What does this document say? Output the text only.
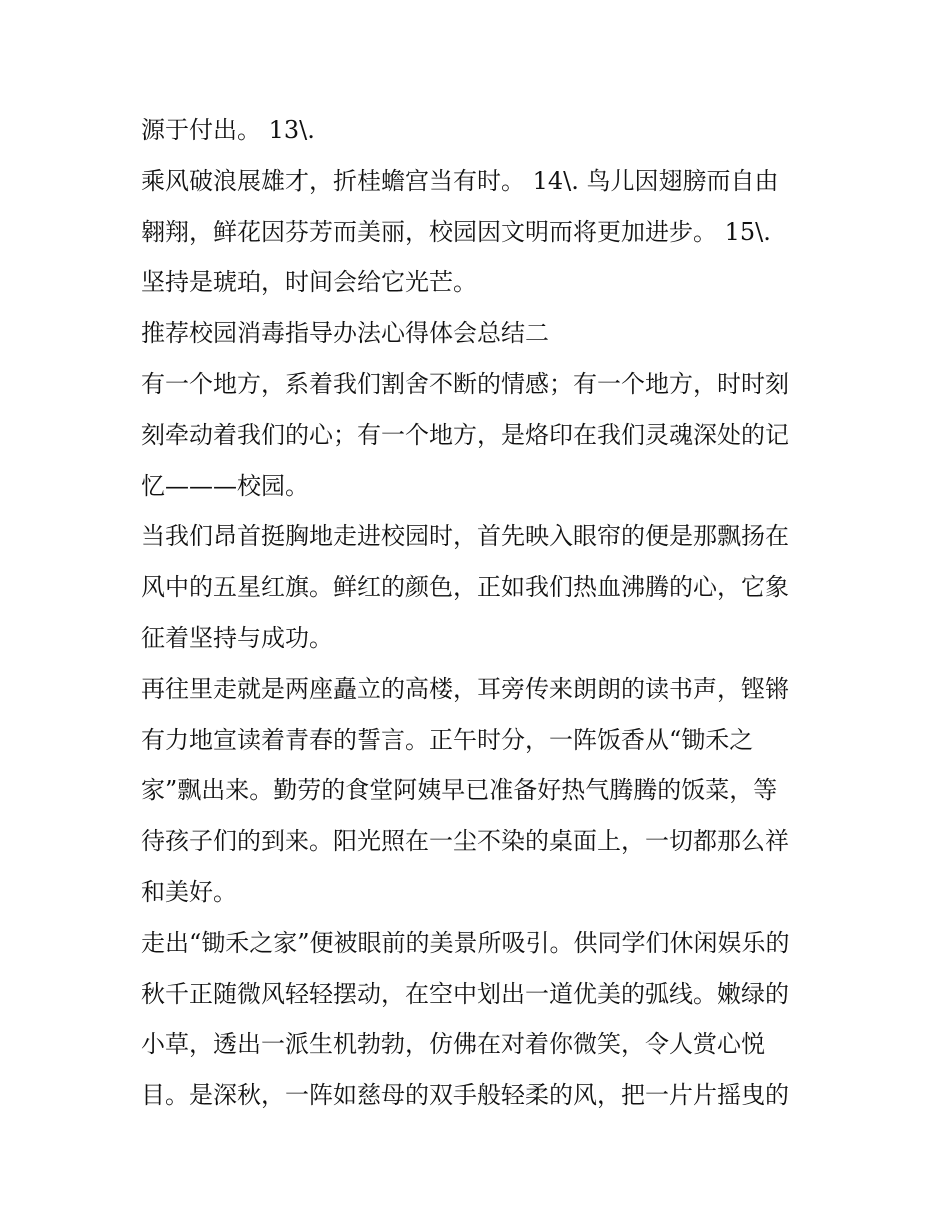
源于付出。 13\.
乘风破浪展雄才，折桂蟾宫当有时。 14\. 鸟儿因翅膀而自由
翱翔，鲜花因芬芳而美丽，校园因文明而将更加进步。 15\.
坚持是琥珀，时间会给它光芒。
推荐校园消毒指导办法心得体会总结二
有一个地方，系着我们割舍不断的情感；有一个地方，时时刻
刻牵动着我们的心；有一个地方，是烙印在我们灵魂深处的记
忆———校园。
当我们昂首挺胸地走进校园时，首先映入眼帘的便是那飘扬在
风中的五星红旗。鲜红的颜色，正如我们热血沸腾的心，它象
征着坚持与成功。
再往里走就是两座矗立的高楼，耳旁传来朗朗的读书声，铿锵
有力地宣读着青春的誓言。正午时分，一阵饭香从“锄禾之
家”飘出来。勤劳的食堂阿姨早已准备好热气腾腾的饭菜，等
待孩子们的到来。阳光照在一尘不染的桌面上，一切都那么祥
和美好。
走出“锄禾之家”便被眼前的美景所吸引。供同学们休闲娱乐的
秋千正随微风轻轻摆动，在空中划出一道优美的弧线。嫩绿的
小草，透出一派生机勃勃，仿佛在对着你微笑，令人赏心悦
目。是深秋，一阵如慈母的双手般轻柔的风，把一片片摇曳的
